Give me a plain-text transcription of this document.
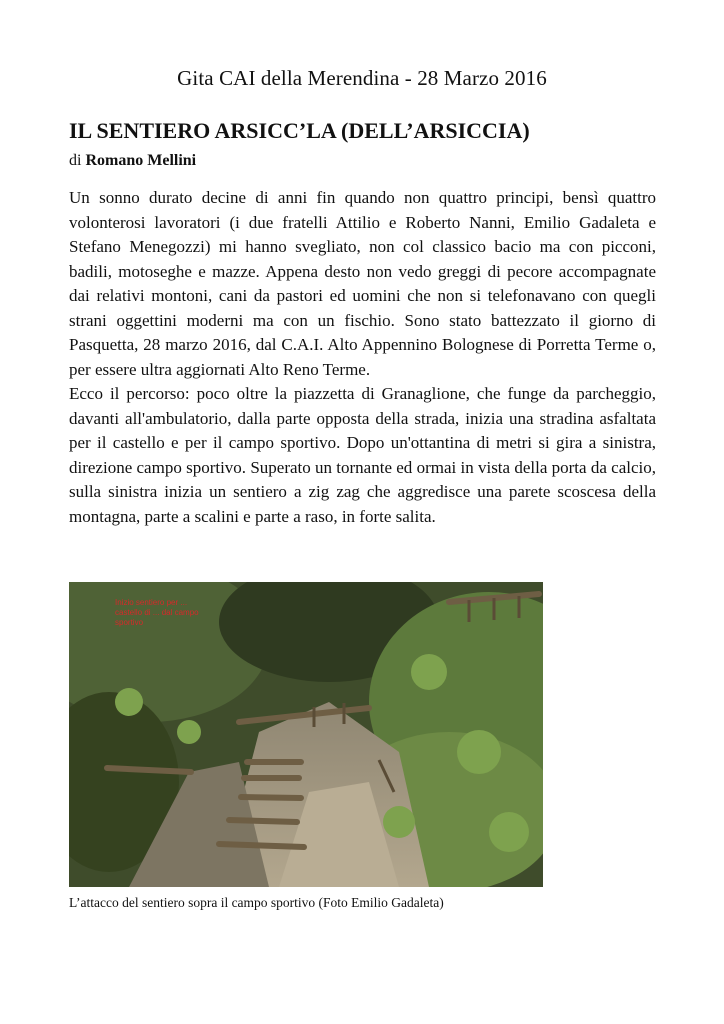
Gita CAI della Merendina - 28 Marzo 2016
IL SENTIERO ARSICC’LA (DELL’ARSICCIA)
di Romano Mellini

Un sonno durato decine di anni fin quando non quattro principi, bensì quattro volonterosi lavoratori (i due fratelli Attilio e Roberto Nanni, Emilio Gadaleta e Stefano Menegozzi) mi hanno svegliato, non col classico bacio ma con picconi, badili, motoseghe e mazze. Appena desto non vedo greggi di pecore accompagnate dai relativi montoni, cani da pastori ed uomini che non si telefonavano con quegli strani oggettini moderni ma con un fischio. Sono stato battezzato il giorno di Pasquetta, 28 marzo 2016, dal C.A.I. Alto Appennino Bolognese di Porretta Terme o, per essere ultra aggiornati Alto Reno Terme.

Ecco il percorso: poco oltre la piazzetta di Granaglione, che funge da parcheggio, davanti all'ambulatorio, dalla parte opposta della strada, inizia una stradina asfaltata per il castello e per il campo sportivo. Dopo un'ottantina di metri si gira a sinistra, direzione campo sportivo. Superato un tornante ed ormai in vista della porta da calcio, sulla sinistra inizia un sentiero a zig zag che aggredisce una parete scoscesa della montagna, parte a scalini e parte a raso, in forte salita.

Inizio sentiero per ... castello di ... dal campo sportivo
L’attacco del sentiero sopra il campo sportivo (Foto Emilio Gadaleta)
